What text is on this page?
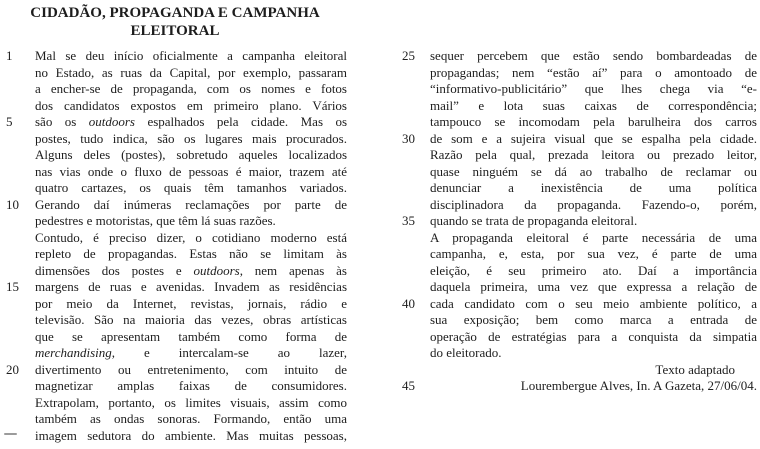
CIDADÃO, PROPAGANDA E CAMPANHA
ELEITORAL
1	Mal se deu início oficialmente a campanha eleitoral
no Estado, as ruas da Capital, por exemplo, passaram
a encher-se de propaganda, com os nomes e fotos
dos candidatos expostos em primeiro plano. Vários
5	são os outdoors espalhados pela cidade. Mas os
postes, tudo indica, são os lugares mais procurados.
Alguns deles (postes), sobretudo aqueles localizados
nas vias onde o fluxo de pessoas é maior, trazem até
quatro cartazes, os quais têm tamanhos variados.
10	Gerando daí inúmeras reclamações por parte de
pedestres e motoristas, que têm lá suas razões.
Contudo, é preciso dizer, o cotidiano moderno está
repleto de propagandas. Estas não se limitam às
dimensões dos postes e outdoors, nem apenas às
15	margens de ruas e avenidas. Invadem as residências
por meio da Internet, revistas, jornais, rádio e
televisão. São na maioria das vezes, obras artísticas
que se apresentam também como forma de
merchandising, e intercalam-se ao lazer,
20	divertimento ou entretenimento, com intuito de
magnetizar amplas faixas de consumidores.
Extrapolam, portanto, os limites visuais, assim como
também as ondas sonoras. Formando, então uma
imagem sedutora do ambiente. Mas muitas pessoas,
25	sequer percebem que estão sendo bombardeadas de
propagandas; nem “estão aí” para o amontoado de
“informativo-publicitário” que lhes chega via “e-
mail” e lota suas caixas de correspondência;
tampouco se incomodam pela barulheira dos carros
30	de som e a sujeira visual que se espalha pela cidade.
Razão pela qual, prezada leitora ou prezado leitor,
quase ninguém se dá ao trabalho de reclamar ou
denunciar a inexistência de uma política
disciplinadora da propaganda. Fazendo-o, porém,
35	quando se trata de propaganda eleitoral.
A propaganda eleitoral é parte necessária de uma
campanha, e, esta, por sua vez, é parte de uma
eleição, é seu primeiro ato. Daí a importância
daquela primeira, uma vez que expressa a relação de
40	cada candidato com o seu meio ambiente político, a
sua exposição; bem como marca a entrada de
operação de estratégias para a conquista da simpatia
do eleitorado.
Texto adaptado
45	Lourembergue Alves, In. A Gazeta, 27/06/04.
